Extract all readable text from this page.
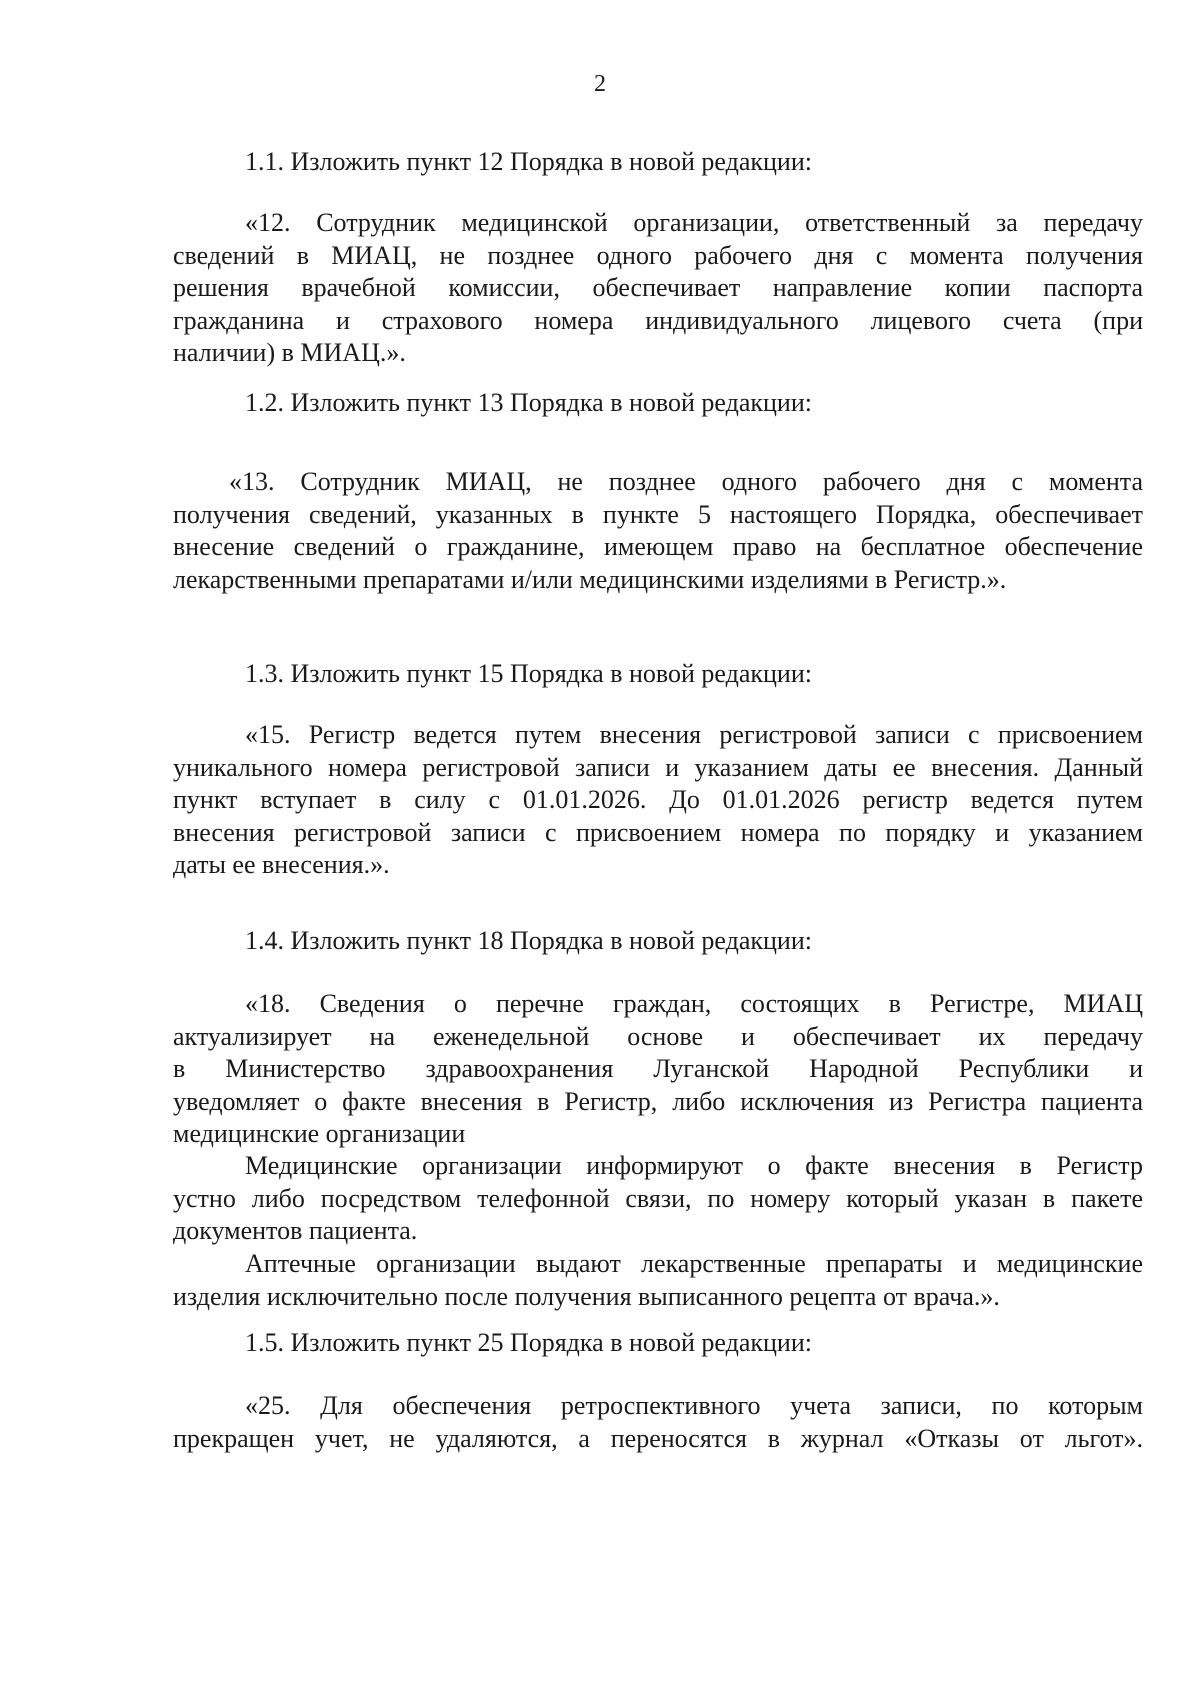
2
1.1. Изложить пункт 12 Порядка в новой редакции:
«12. Сотрудник медицинской организации, ответственный за передачу
сведений в МИАЦ, не позднее одного рабочего дня с момента получения
решения врачебной комиссии, обеспечивает направление копии паспорта
гражданина и страхового номера индивидуального лицевого счета (при
наличии) в МИАЦ.».
1.2. Изложить пункт 13 Порядка в новой редакции:
«13. Сотрудник МИАЦ, не позднее одного рабочего дня с момента
получения сведений, указанных в пункте 5 настоящего Порядка, обеспечивает
внесение сведений о гражданине, имеющем право на бесплатное обеспечение
лекарственными препаратами и/или медицинскими изделиями в Регистр.».
1.3. Изложить пункт 15 Порядка в новой редакции:
«15. Регистр ведется путем внесения регистровой записи с присвоением
уникального номера регистровой записи и указанием даты ее внесения. Данный
пункт вступает в силу с 01.01.2026. До 01.01.2026 регистр ведется путем
внесения регистровой записи с присвоением номера по порядку и указанием
даты ее внесения.».
1.4. Изложить пункт 18 Порядка в новой редакции:
«18. Сведения о перечне граждан, состоящих в Регистре, МИАЦ
актуализирует на еженедельной основе и обеспечивает их передачу
в Министерство здравоохранения Луганской Народной Республики и
уведомляет о факте внесения в Регистр, либо исключения из Регистра пациента
медицинские организации
Медицинские организации информируют о факте внесения в Регистр
устно либо посредством телефонной связи, по номеру который указан в пакете
документов пациента.
Аптечные организации выдают лекарственные препараты и медицинские
изделия исключительно после получения выписанного рецепта от врача.».
1.5. Изложить пункт 25 Порядка в новой редакции:
«25. Для обеспечения ретроспективного учета записи, по которым
прекращен учет, не удаляются, а переносятся в журнал «Отказы от льгот».
